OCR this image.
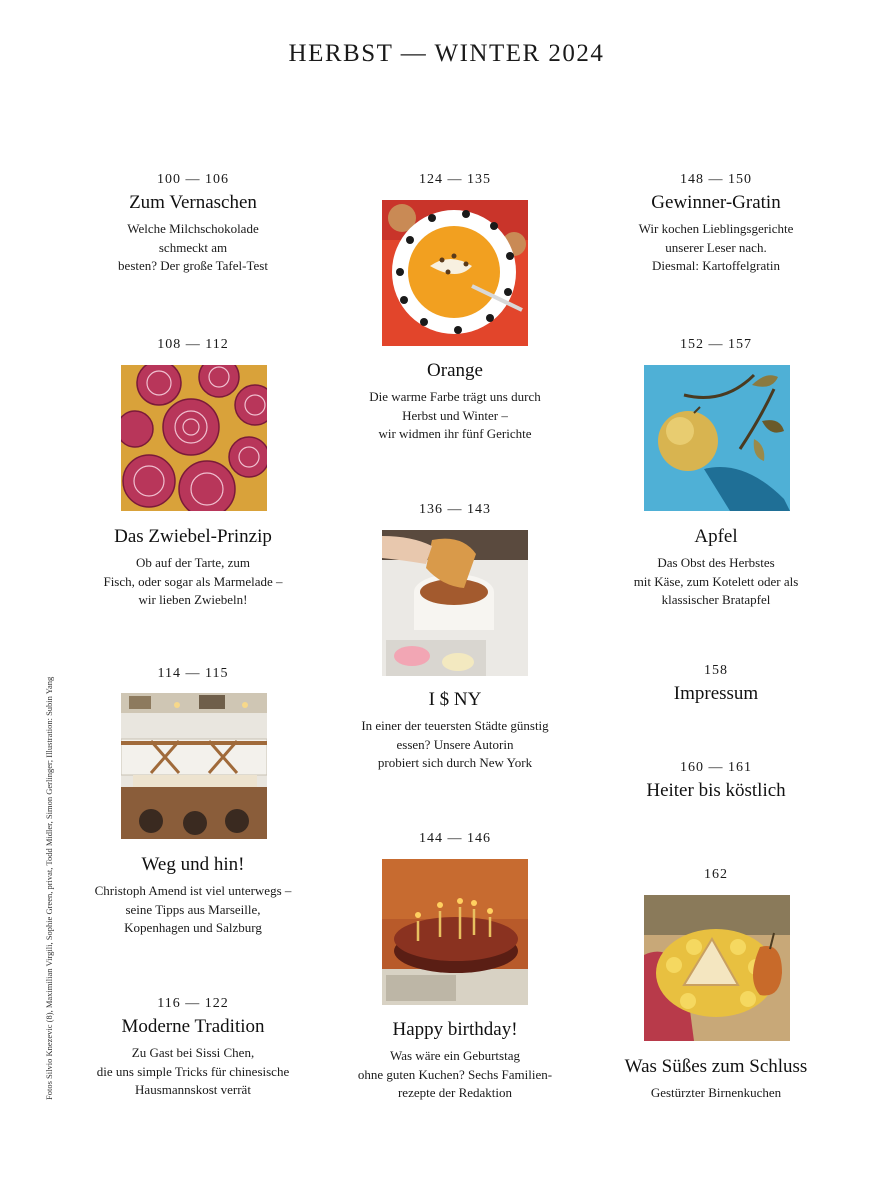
HERBST — WINTER 2024
100 — 106
Zum Vernaschen
Welche Milchschokolade
schmeckt am
besten? Der große Tafel-Test
108 — 112
Das Zwiebel-Prinzip
Ob auf der Tarte, zum
Fisch, oder sogar als Marmelade –
wir lieben Zwiebeln!
114 — 115
Weg und hin!
Christoph Amend ist viel unterwegs –
seine Tipps aus Marseille,
Kopenhagen und Salzburg
116 — 122
Moderne Tradition
Zu Gast bei Sissi Chen,
die uns simple Tricks für chinesische
Hausmannskost verrät
124 — 135
Orange
Die warme Farbe trägt uns durch
Herbst und Winter –
wir widmen ihr fünf Gerichte
136 — 143
I $ NY
In einer der teuersten Städte günstig
essen? Unsere Autorin
probiert sich durch New York
144 — 146
Happy birthday!
Was wäre ein Geburtstag
ohne guten Kuchen? Sechs Familien-
rezepte der Redaktion
148 — 150
Gewinner-Gratin
Wir kochen Lieblingsgerichte
unserer Leser nach.
Diesmal: Kartoffelgratin
152 — 157
Apfel
Das Obst des Herbstes
mit Käse, zum Kotelett oder als
klassischer Bratapfel
158
Impressum
160 — 161
Heiter bis köstlich
162
Was Süßes zum Schluss
Gestürzter Birnenkuchen
Fotos Silvio Knezevic (8), Maximilian Virgili, Sophie Green, privat, Todd Midler, Simon Gerlinger; Illustration: Subin Yang
